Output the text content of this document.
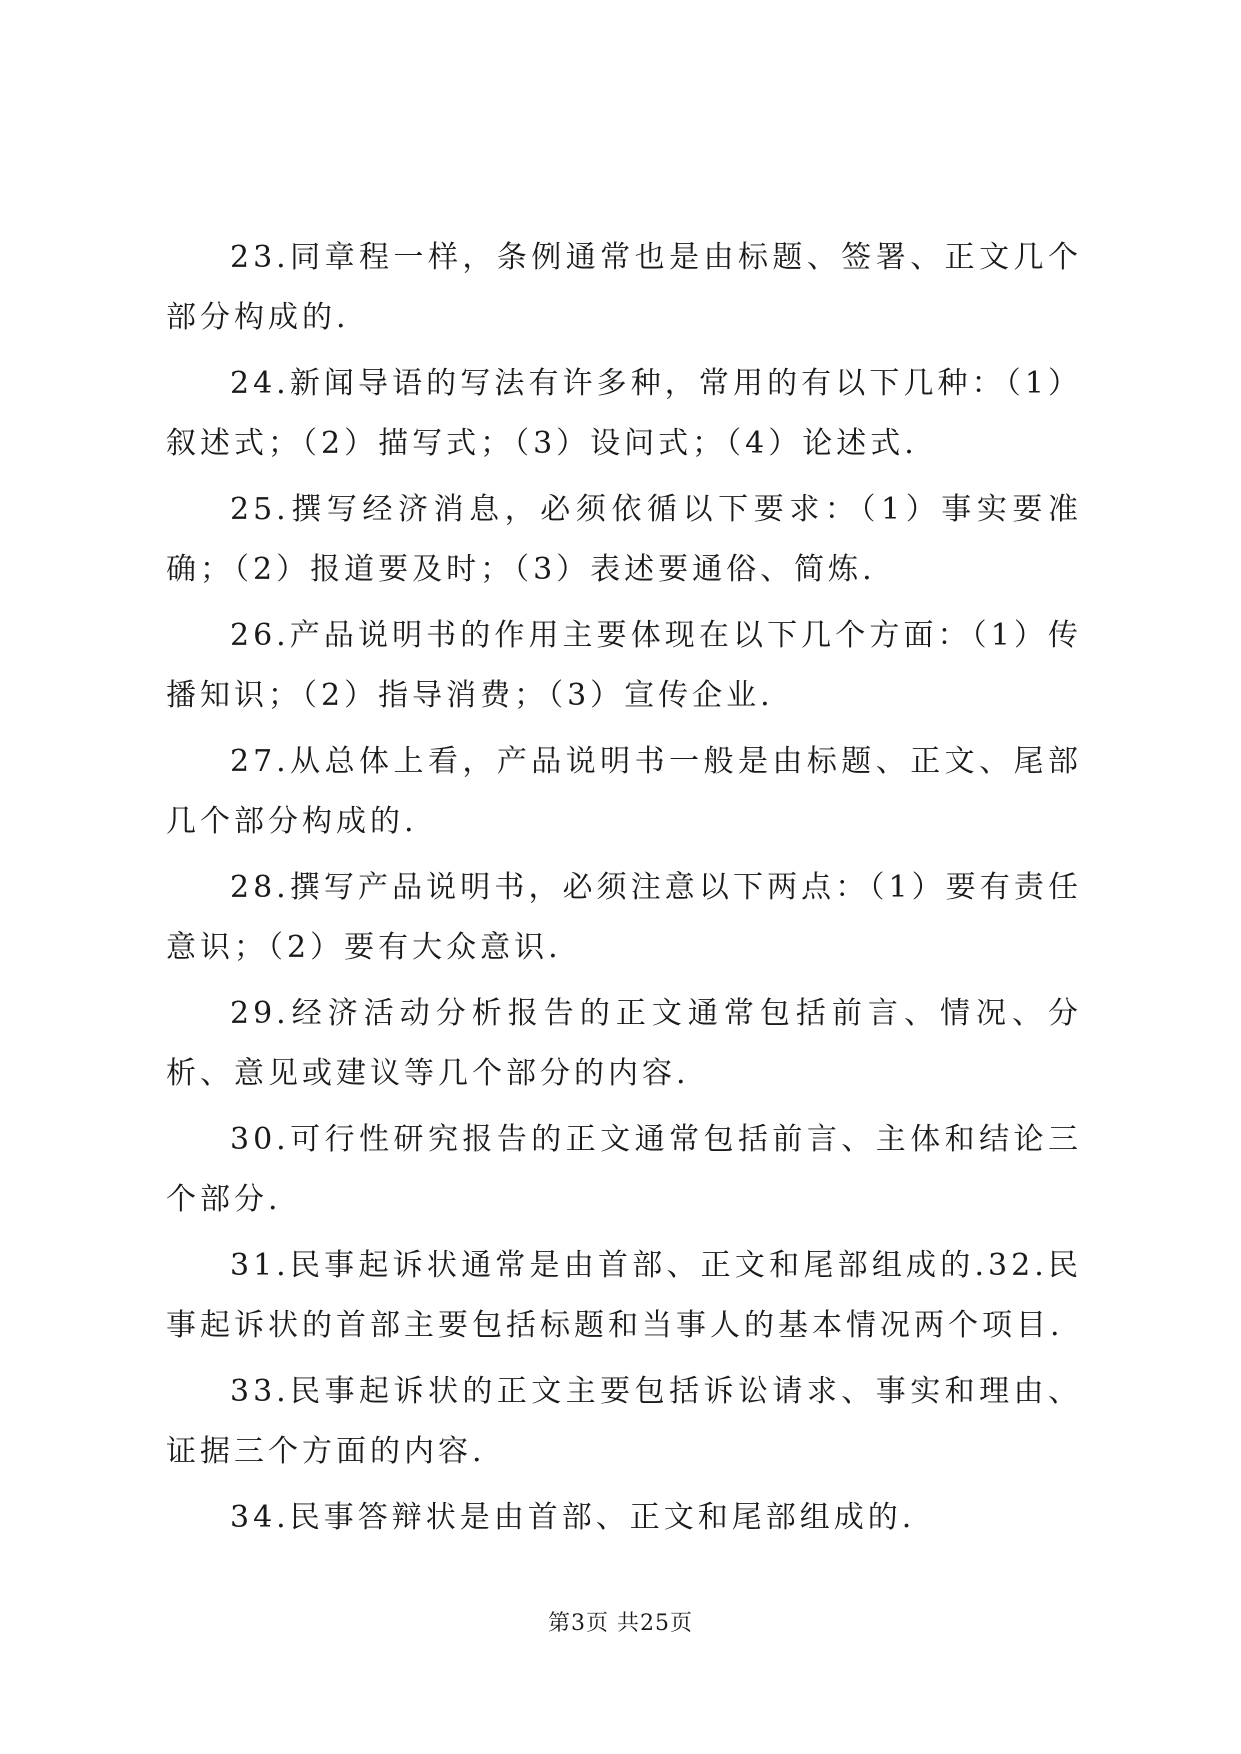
23.同章程一样，条例通常也是由标题、签署、正文几个部分构成的.

24.新闻导语的写法有许多种，常用的有以下几种：（1）叙述式；（2）描写式；（3）设问式；（4）论述式.

25.撰写经济消息，必须依循以下要求：（1）事实要准确；（2）报道要及时；（3）表述要通俗、简炼.

26.产品说明书的作用主要体现在以下几个方面：（1）传播知识；（2）指导消费；（3）宣传企业.

27.从总体上看，产品说明书一般是由标题、正文、尾部几个部分构成的.

28.撰写产品说明书，必须注意以下两点：（1）要有责任意识；（2）要有大众意识.

29.经济活动分析报告的正文通常包括前言、情况、分析、意见或建议等几个部分的内容.

30.可行性研究报告的正文通常包括前言、主体和结论三个部分.

31.民事起诉状通常是由首部、正文和尾部组成的.32.民事起诉状的首部主要包括标题和当事人的基本情况两个项目.

33.民事起诉状的正文主要包括诉讼请求、事实和理由、证据三个方面的内容.

34.民事答辩状是由首部、正文和尾部组成的.

第3页 共25页
